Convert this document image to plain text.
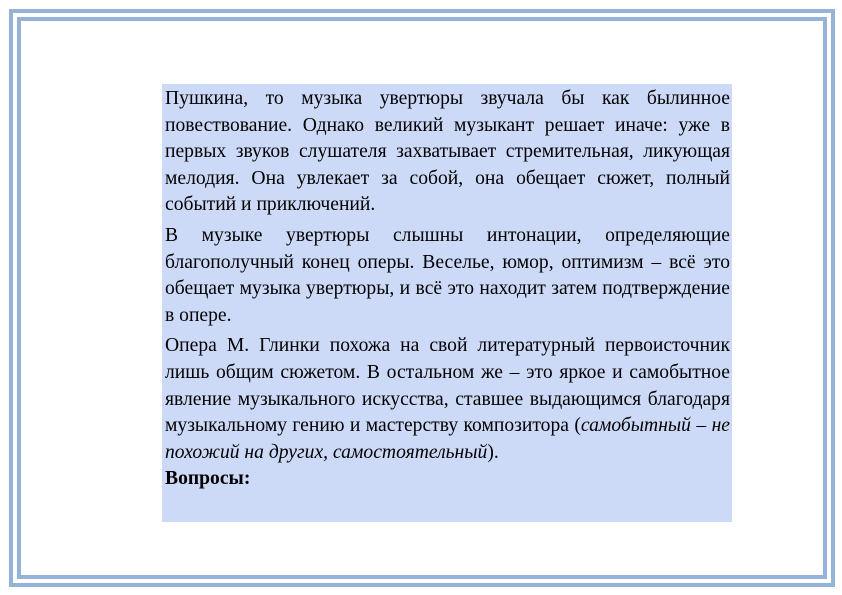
Пушкина, то музыка увертюры звучала бы как былинное повествование. Однако великий музыкант решает иначе: уже в первых звуков слушателя захватывает стремительная, ликующая мелодия. Она увлекает за собой, она обещает сюжет, полный событий и приключений.

В музыке увертюры слышны интонации, определяющие благополучный конец оперы. Веселье, юмор, оптимизм – всё это обещает музыка увертюры, и всё это находит затем подтверждение в опере.

Опера М. Глинки похожа на свой литературный первоисточник лишь общим сюжетом. В остальном же – это яркое и самобытное явление музыкального искусства, ставшее выдающимся благодаря музыкальному гению и мастерству композитора (самобытный – не похожий на других, самостоятельный).

Вопросы:
